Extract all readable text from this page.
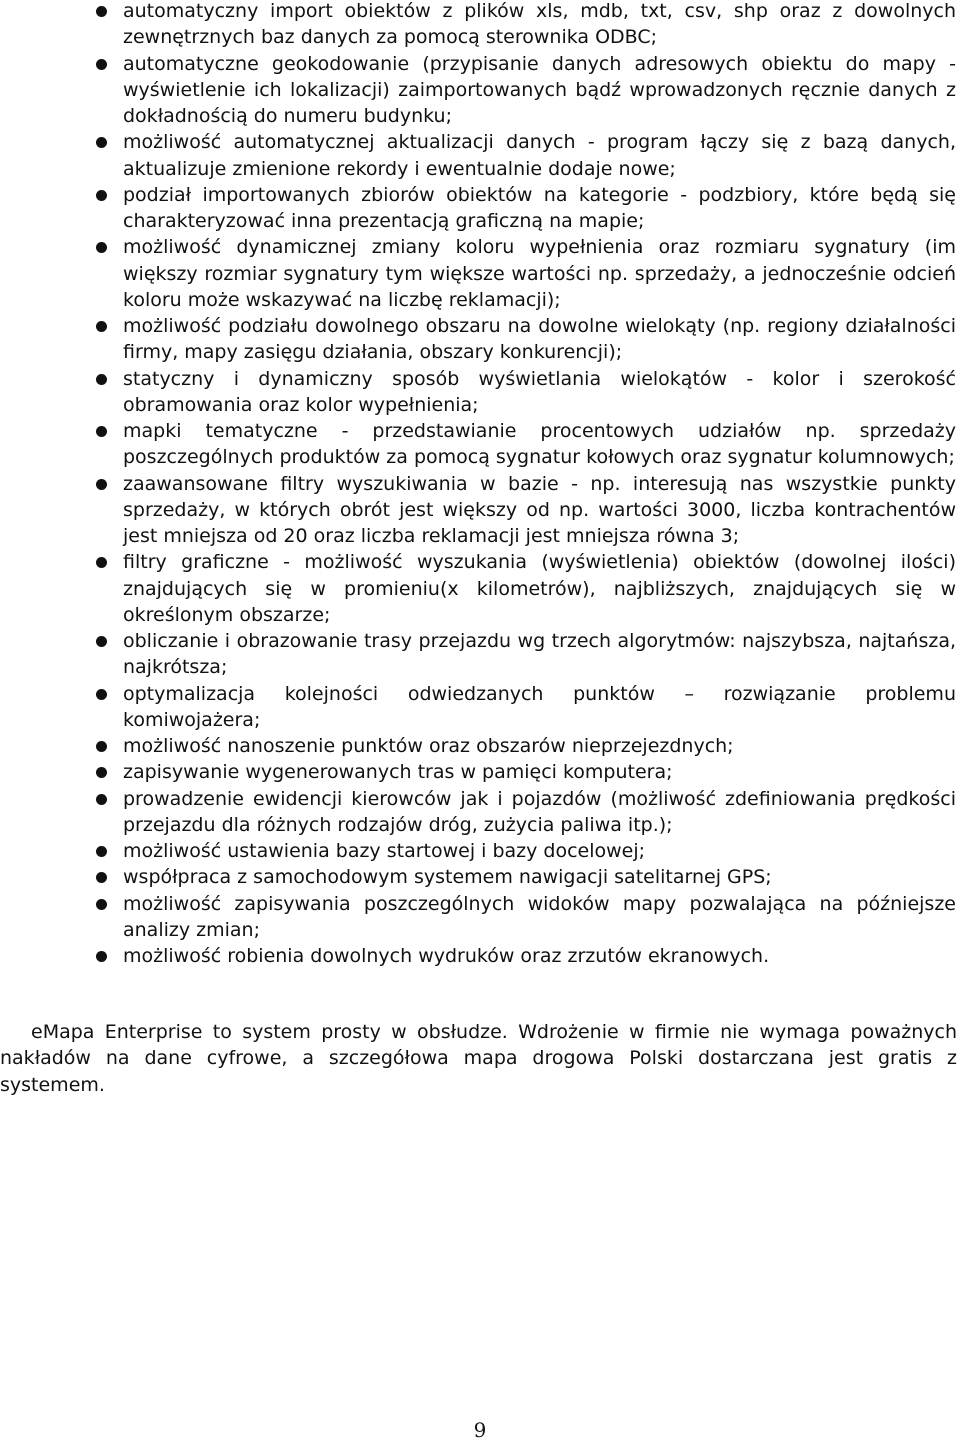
automatyczny import obiektów z plików xls, mdb, txt, csv, shp oraz z dowolnych zewnętrznych baz danych za pomocą sterownika ODBC;
automatyczne geokodowanie (przypisanie danych adresowych obiektu do mapy - wyświetlenie ich lokalizacji) zaimportowanych bądź wprowadzonych ręcznie danych z dokładnością do numeru budynku;
możliwość automatycznej aktualizacji danych - program łączy się z bazą danych, aktualizuje zmienione rekordy i ewentualnie dodaje nowe;
podział importowanych zbiorów obiektów na kategorie - podzbiory, które będą się charakteryzować inna prezentacją graficzną na mapie;
możliwość dynamicznej zmiany koloru wypełnienia oraz rozmiaru sygnatury (im większy rozmiar sygnatury tym większe wartości np. sprzedaży, a jednocześnie odcień koloru może wskazywać na liczbę reklamacji);
możliwość podziału dowolnego obszaru na dowolne wielokąty (np. regiony działalności firmy, mapy zasięgu działania, obszary konkurencji);
statyczny i dynamiczny sposób wyświetlania wielokątów - kolor i szerokość obramowania oraz kolor wypełnienia;
mapki tematyczne - przedstawianie procentowych udziałów np. sprzedaży poszczególnych produktów za pomocą sygnatur kołowych oraz sygnatur kolumnowych;
zaawansowane filtry wyszukiwania w bazie - np. interesują nas wszystkie punkty sprzedaży, w których obrót jest większy od np. wartości 3000, liczba kontrachentów jest mniejsza od 20 oraz liczba reklamacji jest mniejsza równa 3;
filtry graficzne - możliwość wyszukania (wyświetlenia) obiektów (dowolnej ilości) znajdujących się w promieniu(x kilometrów), najbliższych, znajdujących się w określonym obszarze;
obliczanie i obrazowanie trasy przejazdu wg trzech algorytmów: najszybsza, najtańsza, najkrótsza;
optymalizacja kolejności odwiedzanych punktów – rozwiązanie problemu komiwojażera;
możliwość nanoszenie punktów oraz obszarów nieprzejezdnych;
zapisywanie wygenerowanych tras w pamięci komputera;
prowadzenie ewidencji kierowców jak i pojazdów (możliwość zdefiniowania prędkości przejazdu dla różnych rodzajów dróg, zużycia paliwa itp.);
możliwość ustawienia bazy startowej i bazy docelowej;
współpraca z samochodowym systemem nawigacji satelitarnej GPS;
możliwość zapisywania poszczególnych widoków mapy pozwalająca na późniejsze analizy zmian;
możliwość robienia dowolnych wydruków oraz zrzutów ekranowych.

eMapa Enterprise to system prosty w obsłudze. Wdrożenie w firmie nie wymaga poważnych nakładów na dane cyfrowe, a szczegółowa mapa drogowa Polski dostarczana jest gratis z systemem.

9
